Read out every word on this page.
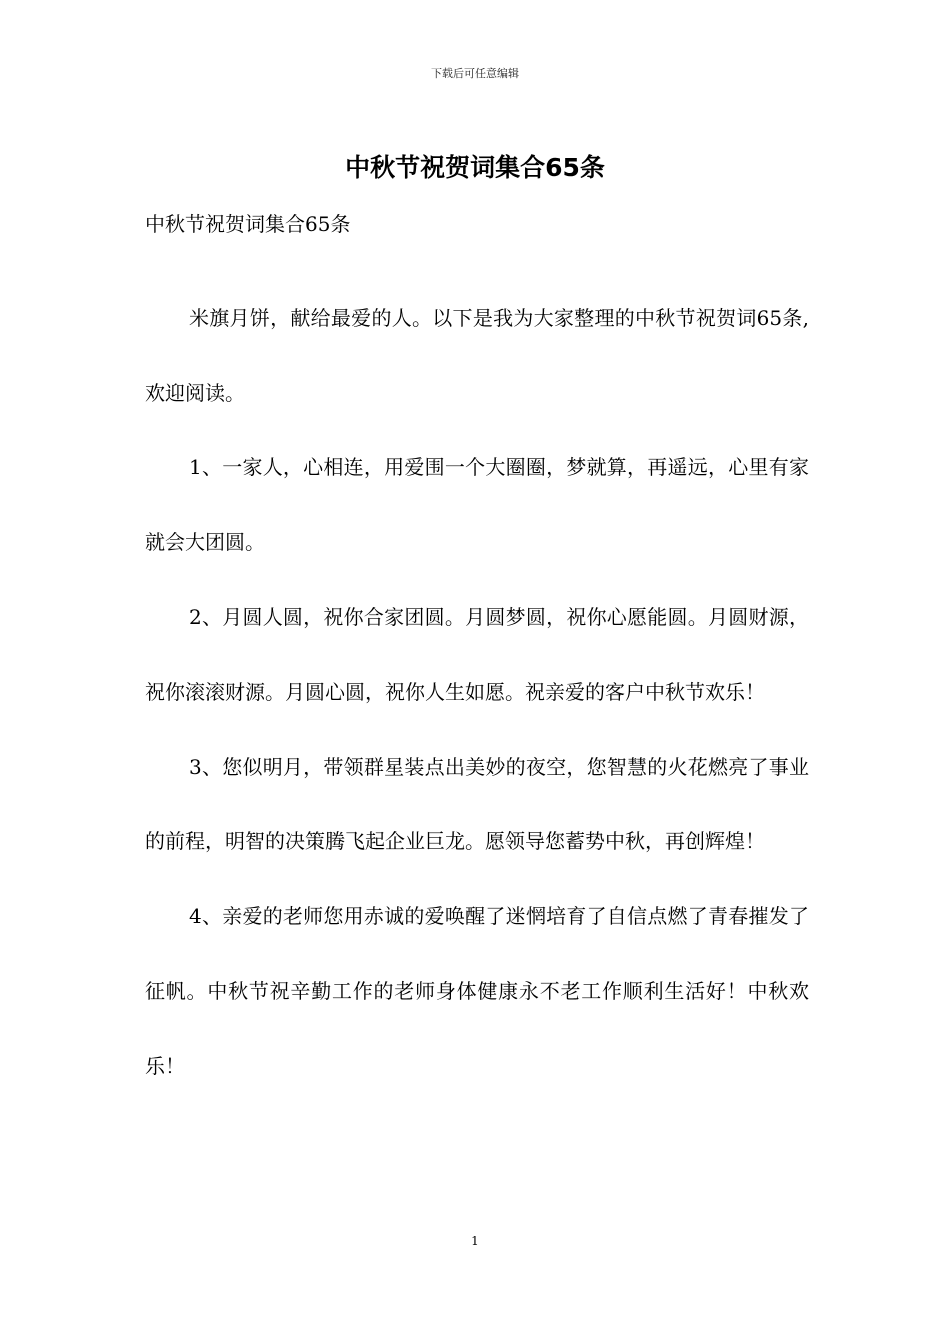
下载后可任意编辑
中秋节祝贺词集合65条

中秋节祝贺词集合65条

米旗月饼，献给最爱的人。以下是我为大家整理的中秋节祝贺词65条,欢迎阅读。

1、一家人，心相连，用爱围一个大圈圈，梦就算，再遥远，心里有家就会大团圆。

2、月圆人圆，祝你合家团圆。月圆梦圆，祝你心愿能圆。月圆财源，祝你滚滚财源。月圆心圆，祝你人生如愿。祝亲爱的客户中秋节欢乐！

3、您似明月，带领群星装点出美妙的夜空，您智慧的火花燃亮了事业的前程，明智的决策腾飞起企业巨龙。愿领导您蓄势中秋，再创辉煌！

4、亲爱的老师您用赤诚的爱唤醒了迷惘培育了自信点燃了青春摧发了征帆。中秋节祝辛勤工作的老师身体健康永不老工作顺利生活好！中秋欢乐！

1
